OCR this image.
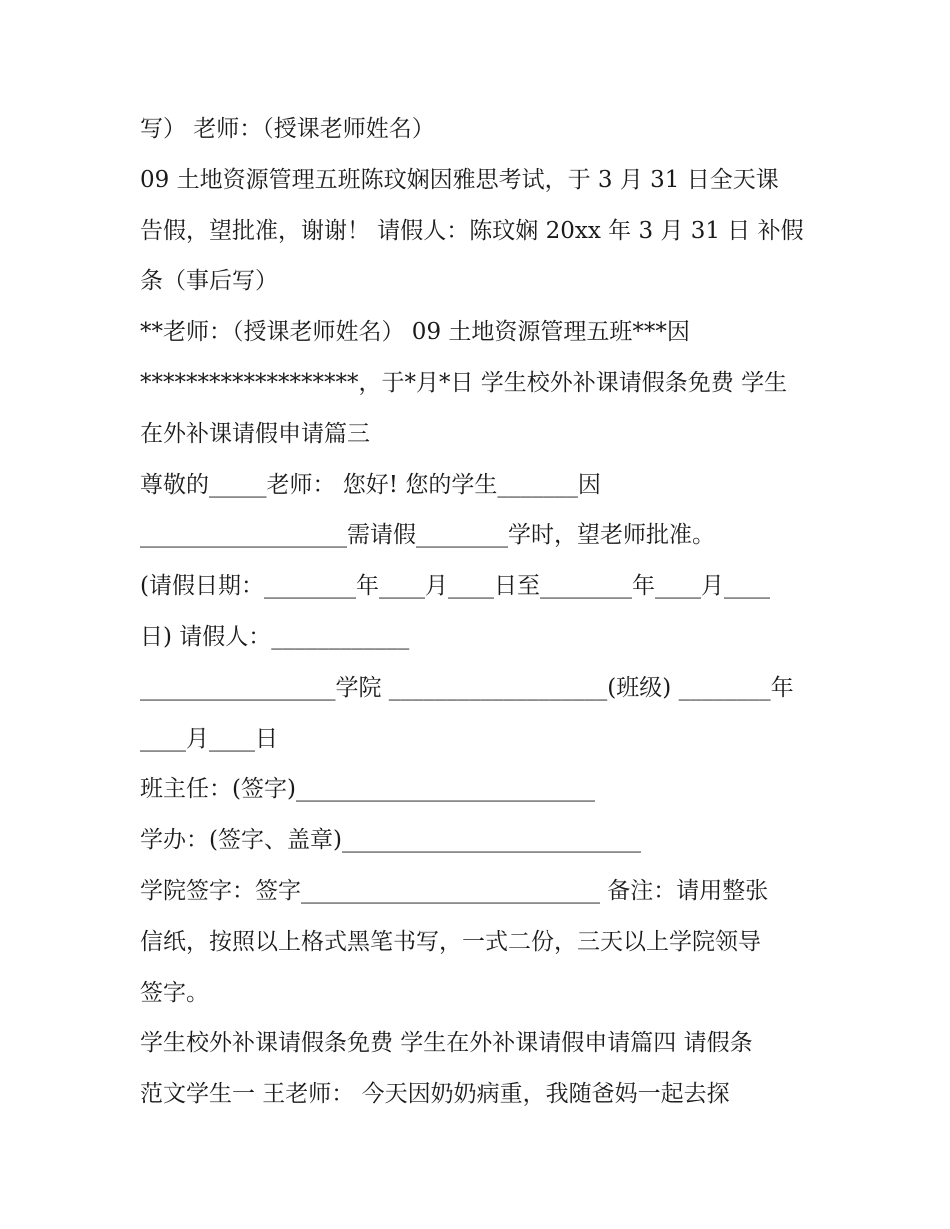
写） 老师：（授课老师姓名）
09 土地资源管理五班陈玟娴因雅思考试，于 3 月 31 日全天课
告假，望批准，谢谢！ 请假人：陈玟娴 20xx 年 3 月 31 日 补假
条（事后写）
**老师：（授课老师姓名） 09 土地资源管理五班***因
*******************，于*月*日 学生校外补课请假条免费 学生
在外补课请假申请篇三
尊敬的_____老师： 您好! 您的学生_______因
__________________需请假________学时，望老师批准。
(请假日期：________年____月____日至________年____月____
日) 请假人：____________
_________________学院 ___________________(班级) ________年
____月____日
班主任：(签字)__________________________
学办：(签字、盖章)__________________________
学院签字：签字__________________________ 备注：请用整张
信纸，按照以上格式黑笔书写，一式二份，三天以上学院领导
签字。
学生校外补课请假条免费 学生在外补课请假申请篇四 请假条
范文学生一 王老师： 今天因奶奶病重，我随爸妈一起去探
